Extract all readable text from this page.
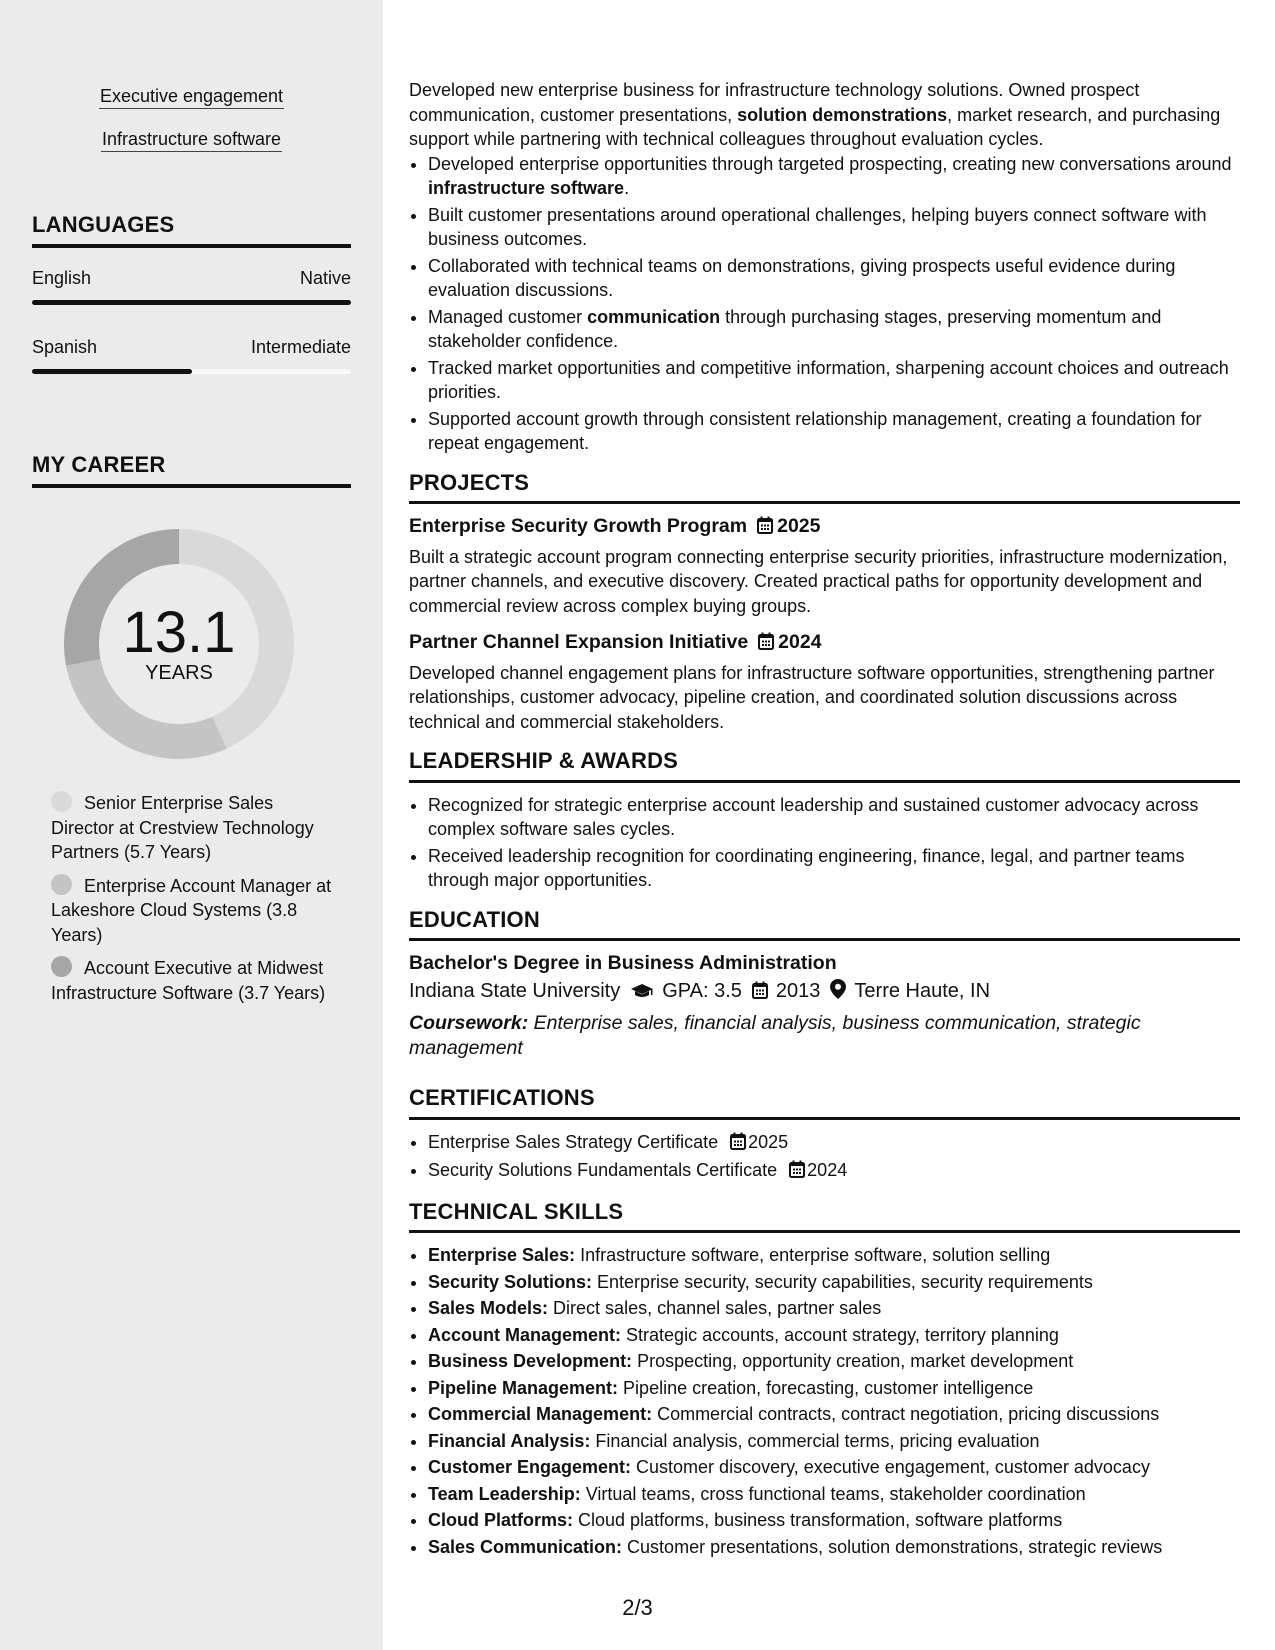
Executive engagement
Infrastructure software
LANGUAGES
English	Native
Spanish	Intermediate
MY CAREER
13.1
YEARS
Senior Enterprise Sales Director at Crestview Technology Partners (5.7 Years)
Enterprise Account Manager at Lakeshore Cloud Systems (3.8 Years)
Account Executive at Midwest Infrastructure Software (3.7 Years)

Developed new enterprise business for infrastructure technology solutions. Owned prospect communication, customer presentations, solution demonstrations, market research, and purchasing support while partnering with technical colleagues throughout evaluation cycles.

• Developed enterprise opportunities through targeted prospecting, creating new conversations around infrastructure software.
• Built customer presentations around operational challenges, helping buyers connect software with business outcomes.
• Collaborated with technical teams on demonstrations, giving prospects useful evidence during evaluation discussions.
• Managed customer communication through purchasing stages, preserving momentum and stakeholder confidence.
• Tracked market opportunities and competitive information, sharpening account choices and outreach priorities.
• Supported account growth through consistent relationship management, creating a foundation for repeat engagement.
PROJECTS
Enterprise Security Growth Program 2025

Built a strategic account program connecting enterprise security priorities, infrastructure modernization, partner channels, and executive discovery. Created practical paths for opportunity development and commercial review across complex buying groups.

Partner Channel Expansion Initiative 2024

Developed channel engagement plans for infrastructure software opportunities, strengthening partner relationships, customer advocacy, pipeline creation, and coordinated solution discussions across technical and commercial stakeholders.

LEADERSHIP & AWARDS
• Recognized for strategic enterprise account leadership and sustained customer advocacy across complex software sales cycles.
• Received leadership recognition for coordinating engineering, finance, legal, and partner teams through major opportunities.
EDUCATION
Bachelor's Degree in Business Administration
Indiana State University GPA: 3.5 2013 Terre Haute, IN

Coursework: Enterprise sales, financial analysis, business communication, strategic management

CERTIFICATIONS
• Enterprise Sales Strategy Certificate 2025
• Security Solutions Fundamentals Certificate 2024
TECHNICAL SKILLS
• Enterprise Sales: Infrastructure software, enterprise software, solution selling
• Security Solutions: Enterprise security, security capabilities, security requirements
• Sales Models: Direct sales, channel sales, partner sales
• Account Management: Strategic accounts, account strategy, territory planning
• Business Development: Prospecting, opportunity creation, market development
• Pipeline Management: Pipeline creation, forecasting, customer intelligence
• Commercial Management: Commercial contracts, contract negotiation, pricing discussions
• Financial Analysis: Financial analysis, commercial terms, pricing evaluation
• Customer Engagement: Customer discovery, executive engagement, customer advocacy
• Team Leadership: Virtual teams, cross functional teams, stakeholder coordination
• Cloud Platforms: Cloud platforms, business transformation, software platforms
• Sales Communication: Customer presentations, solution demonstrations, strategic reviews
2/3
